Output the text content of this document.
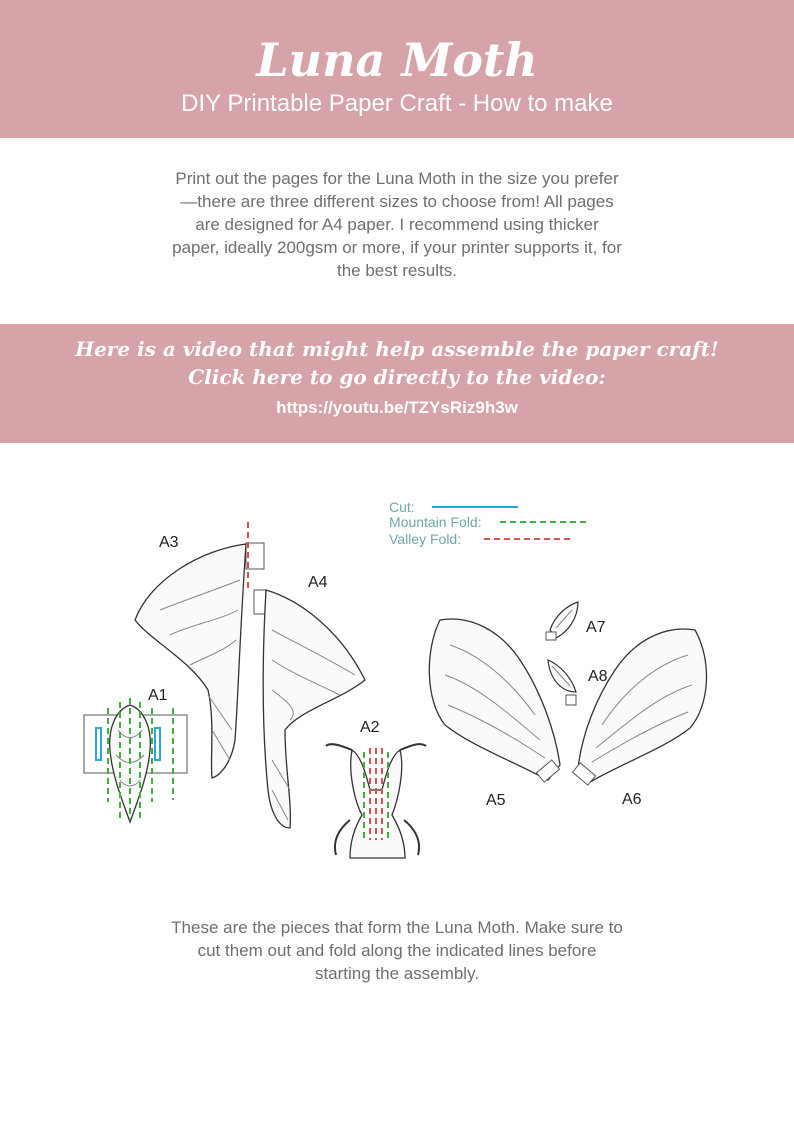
Luna Moth
DIY Printable Paper Craft - How to make

Print out the pages for the Luna Moth in the size you prefer—there are three different sizes to choose from! All pages are designed for A4 paper. I recommend using thicker paper, ideally 200gsm or more, if your printer supports it, for the best results.

Here is a video that might help assemble the paper craft!
Click here to go directly to the video:
https://youtu.be/TZYsRiz9h3w
Cut:
Mountain Fold:
Valley Fold:
A3
A4
A1
A2
A7
A8
A5	A6

These are the pieces that form the Luna Moth. Make sure to cut them out and fold along the indicated lines before starting the assembly.
